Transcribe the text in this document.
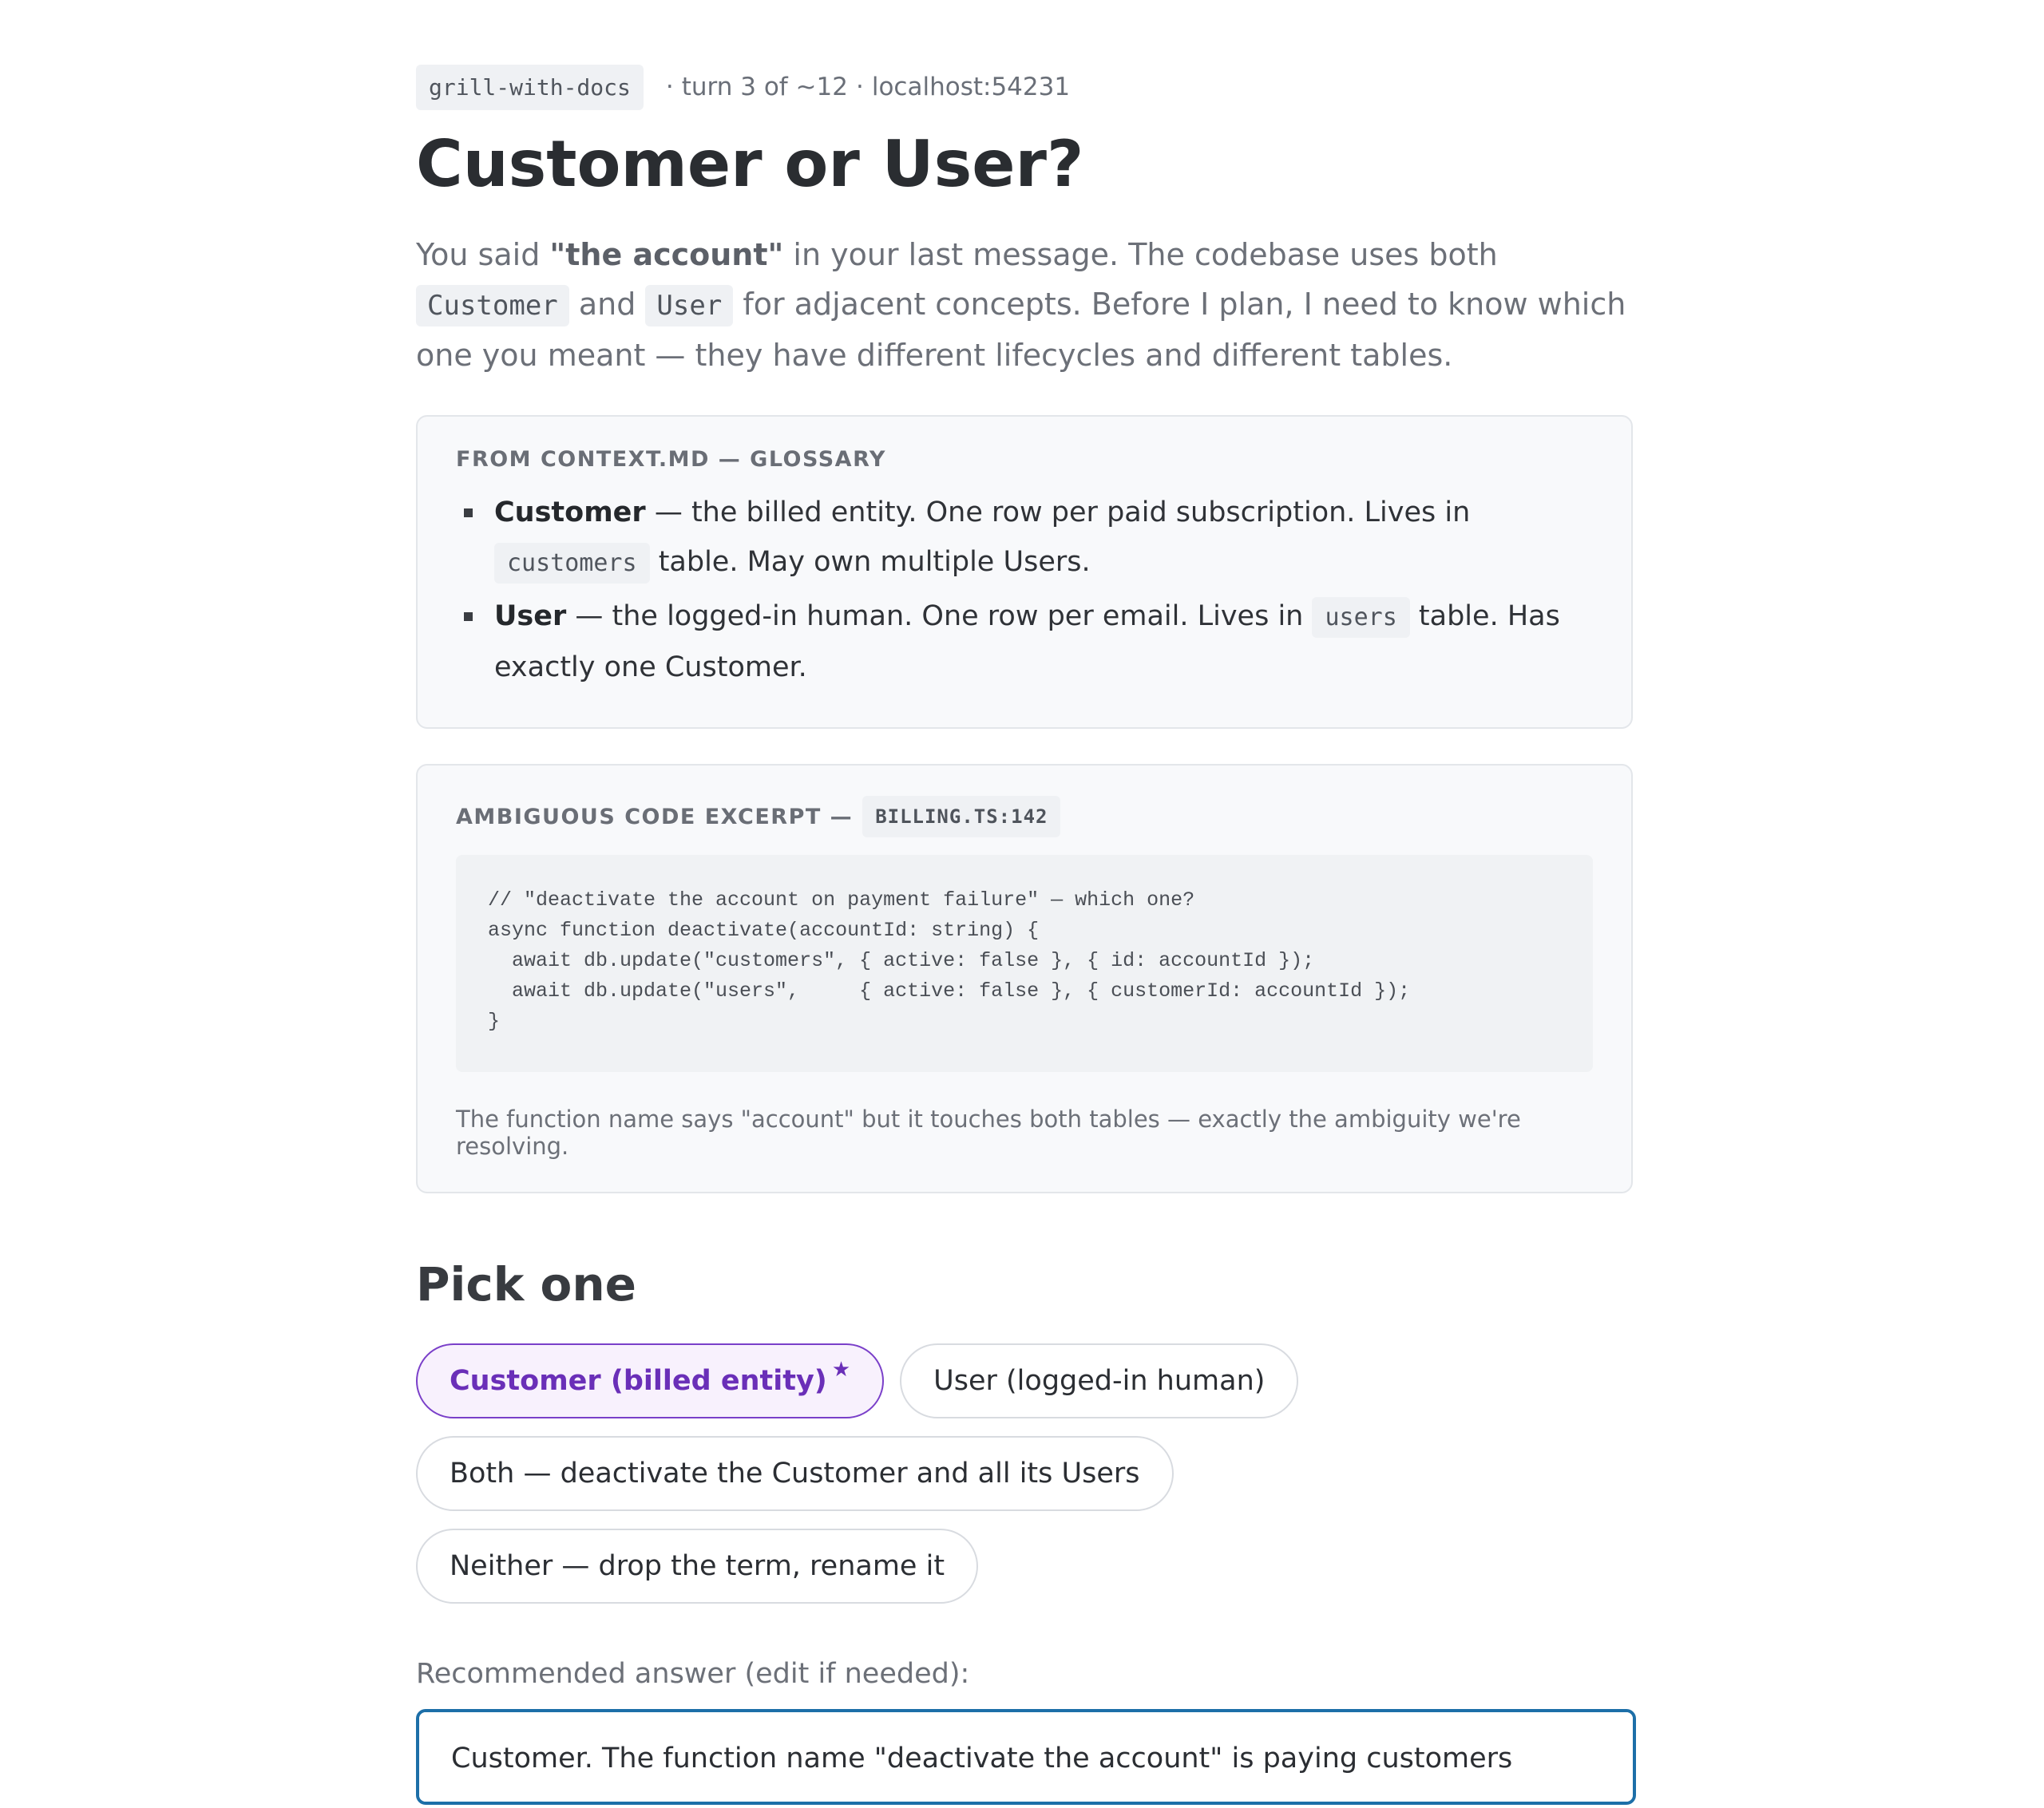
grill-with-docs	· turn 3 of ~12 · localhost:54231
Customer or User?

You said "the account" in your last message. The codebase uses both Customer and User for adjacent concepts. Before I plan, I need to know which one you meant — they have different lifecycles and different tables.

FROM CONTEXT.MD — GLOSSARY
Customer — the billed entity. One row per paid subscription. Lives in customers table. May own multiple Users.
User — the logged-in human. One row per email. Lives in users table. Has exactly one Customer.
AMBIGUOUS CODE EXCERPT —	BILLING.TS:142
// "deactivate the account on payment failure" — which one?
async function deactivate(accountId: string) {
await db.update("customers", { active: false }, { id: accountId });
await db.update("users",     { active: false }, { customerId: accountId });
}

The function name says "account" but it touches both tables — exactly the ambiguity we're resolving.

Pick one
Customer (billed entity) ★	User (logged-in human)
Both — deactivate the Customer and all its Users
Neither — drop the term, rename it

Recommended answer (edit if needed):

Customer. The function name "deactivate the account" is paying customers
